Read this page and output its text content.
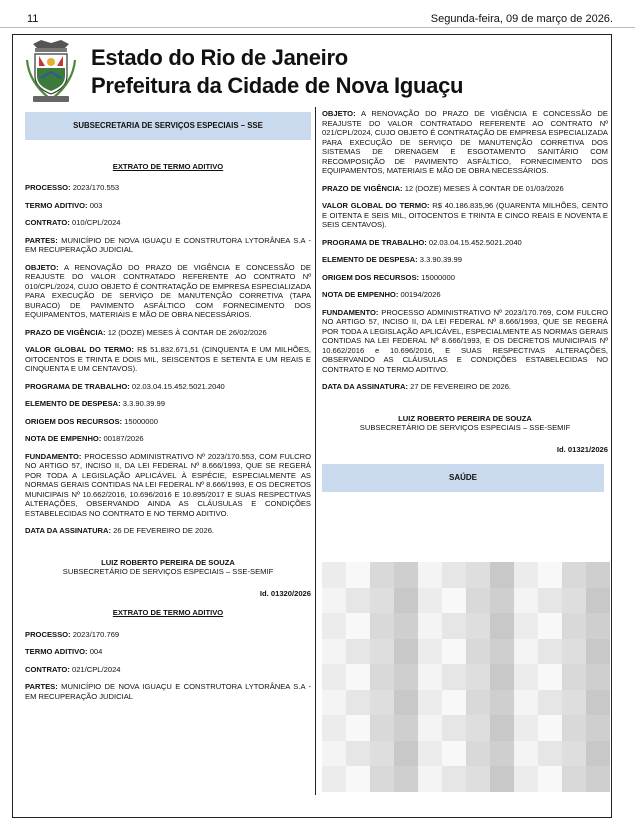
11	Segunda-feira, 09 de março de 2026.
Estado do Rio de Janeiro
Prefeitura da Cidade de Nova Iguaçu
SUBSECRETARIA DE SERVIÇOS ESPECIAIS – SSE
EXTRATO DE TERMO ADITIVO

PROCESSO: 2023/170.553

TERMO ADITIVO: 003

CONTRATO: 010/CPL/2024

PARTES: MUNICÍPIO DE NOVA IGUAÇU E CONSTRUTORA LYTORÂNEA S.A - EM RECUPERAÇÃO JUDICIAL

OBJETO: A RENOVAÇÃO DO PRAZO DE VIGÊNCIA E CONCESSÃO DE REAJUSTE DO VALOR CONTRATADO REFERENTE AO CONTRATO Nº 010/CPL/2024, CUJO OBJETO É CONTRATAÇÃO DE EMPRESA ESPECIALIZADA PARA EXECUÇÃO DE SERVIÇO DE MANUTENÇÃO CORRETIVA (TAPA BURACO) DE PAVIMENTO ASFÁLTICO COM FORNECIMENTO DOS EQUIPAMENTOS, MATERIAIS E MÃO DE OBRA NECESSÁRIOS.

PRAZO DE VIGÊNCIA: 12 (DOZE) MESES À CONTAR DE 26/02/2026

VALOR GLOBAL DO TERMO: R$ 51.832.671,51 (CINQUENTA E UM MILHÕES, OITOCENTOS E TRINTA E DOIS MIL, SEISCENTOS E SETENTA E UM REAIS E CINQUENTA E UM CENTAVOS).

PROGRAMA DE TRABALHO: 02.03.04.15.452.5021.2040

ELEMENTO DE DESPESA: 3.3.90.39.99

ORIGEM DOS RECURSOS: 15000000

NOTA DE EMPENHO: 00187/2026

FUNDAMENTO: PROCESSO ADMINISTRATIVO Nº 2023/170.553, COM FULCRO NO ARTIGO 57, INCISO II, DA LEI FEDERAL Nº 8.666/1993, QUE SE REGERÁ POR TODA A LEGISLAÇÃO APLICÁVEL À ESPÉCIE, ESPECIALMENTE AS NORMAS GERAIS CONTIDAS NA LEI FEDERAL Nº 8.666/1993, E OS DECRETOS MUNICIPAIS Nº 10.662/2016, 10.696/2016 E 10.895/2017 E SUAS RESPECTIVAS ALTERAÇÕES, OBSERVANDO AINDA AS CLÁUSULAS E CONDIÇÕES ESTABELECIDAS NO CONTRATO E NO TERMO ADITIVO.

DATA DA ASSINATURA: 26 DE FEVEREIRO DE 2026.

LUIZ ROBERTO PEREIRA DE SOUZA
SUBSECRETÁRIO DE SERVIÇOS ESPECIAIS – SSE-SEMIF
Id. 01320/2026
EXTRATO DE TERMO ADITIVO

PROCESSO: 2023/170.769

TERMO ADITIVO: 004

CONTRATO: 021/CPL/2024

PARTES: MUNICÍPIO DE NOVA IGUAÇU E CONSTRUTORA LYTORÂNEA S.A - EM RECUPERAÇÃO JUDICIAL

OBJETO: A RENOVAÇÃO DO PRAZO DE VIGÊNCIA E CONCESSÃO DE REAJUSTE DO VALOR CONTRATADO REFERENTE AO CONTRATO Nº 021/CPL/2024, CUJO OBJETO É CONTRATAÇÃO DE EMPRESA ESPECIALIZADA PARA EXECUÇÃO DE SERVIÇO DE MANUTENÇÃO CORRETIVA DOS SISTEMAS DE DRENAGEM E ESGOTAMENTO SANITÁRIO COM RECOMPOSIÇÃO DE PAVIMENTO ASFÁLTICO, FORNECIMENTO DOS EQUIPAMENTOS, MATERIAIS E MÃO DE OBRA NECESSÁRIOS.

PRAZO DE VIGÊNCIA: 12 (DOZE) MESES À CONTAR DE 01/03/2026

VALOR GLOBAL DO TERMO: R$ 40.186.835,96 (QUARENTA MILHÕES, CENTO E OITENTA E SEIS MIL, OITOCENTOS E TRINTA E CINCO REAIS E NOVENTA E SEIS CENTAVOS).

PROGRAMA DE TRABALHO: 02.03.04.15.452.5021.2040

ELEMENTO DE DESPESA: 3.3.90.39.99

ORIGEM DOS RECURSOS: 15000000

NOTA DE EMPENHO: 00194/2026

FUNDAMENTO: PROCESSO ADMINISTRATIVO Nº 2023/170.769, COM FULCRO NO ARTIGO 57, INCISO II, DA LEI FEDERAL Nº 8.666/1993, QUE SE REGERÁ POR TODA A LEGISLAÇÃO APLICÁVEL, ESPECIALMENTE AS NORMAS GERAIS CONTIDAS NA LEI FEDERAL Nº 8.666/1993, E OS DECRETOS MUNICIPAIS Nº 10.662/2016 e 10.696/2016, E SUAS RESPECTIVAS ALTERAÇÕES, OBSERVANDO AS CLÁUSULAS E CONDIÇÕES ESTABELECIDAS NO CONTRATO E NO TERMO ADITIVO.

DATA DA ASSINATURA: 27 DE FEVEREIRO DE 2026.

LUIZ ROBERTO PEREIRA DE SOUZA
SUBSECRETÁRIO DE SERVIÇOS ESPECIAIS – SSE-SEMIF
Id. 01321/2026
SAÚDE
